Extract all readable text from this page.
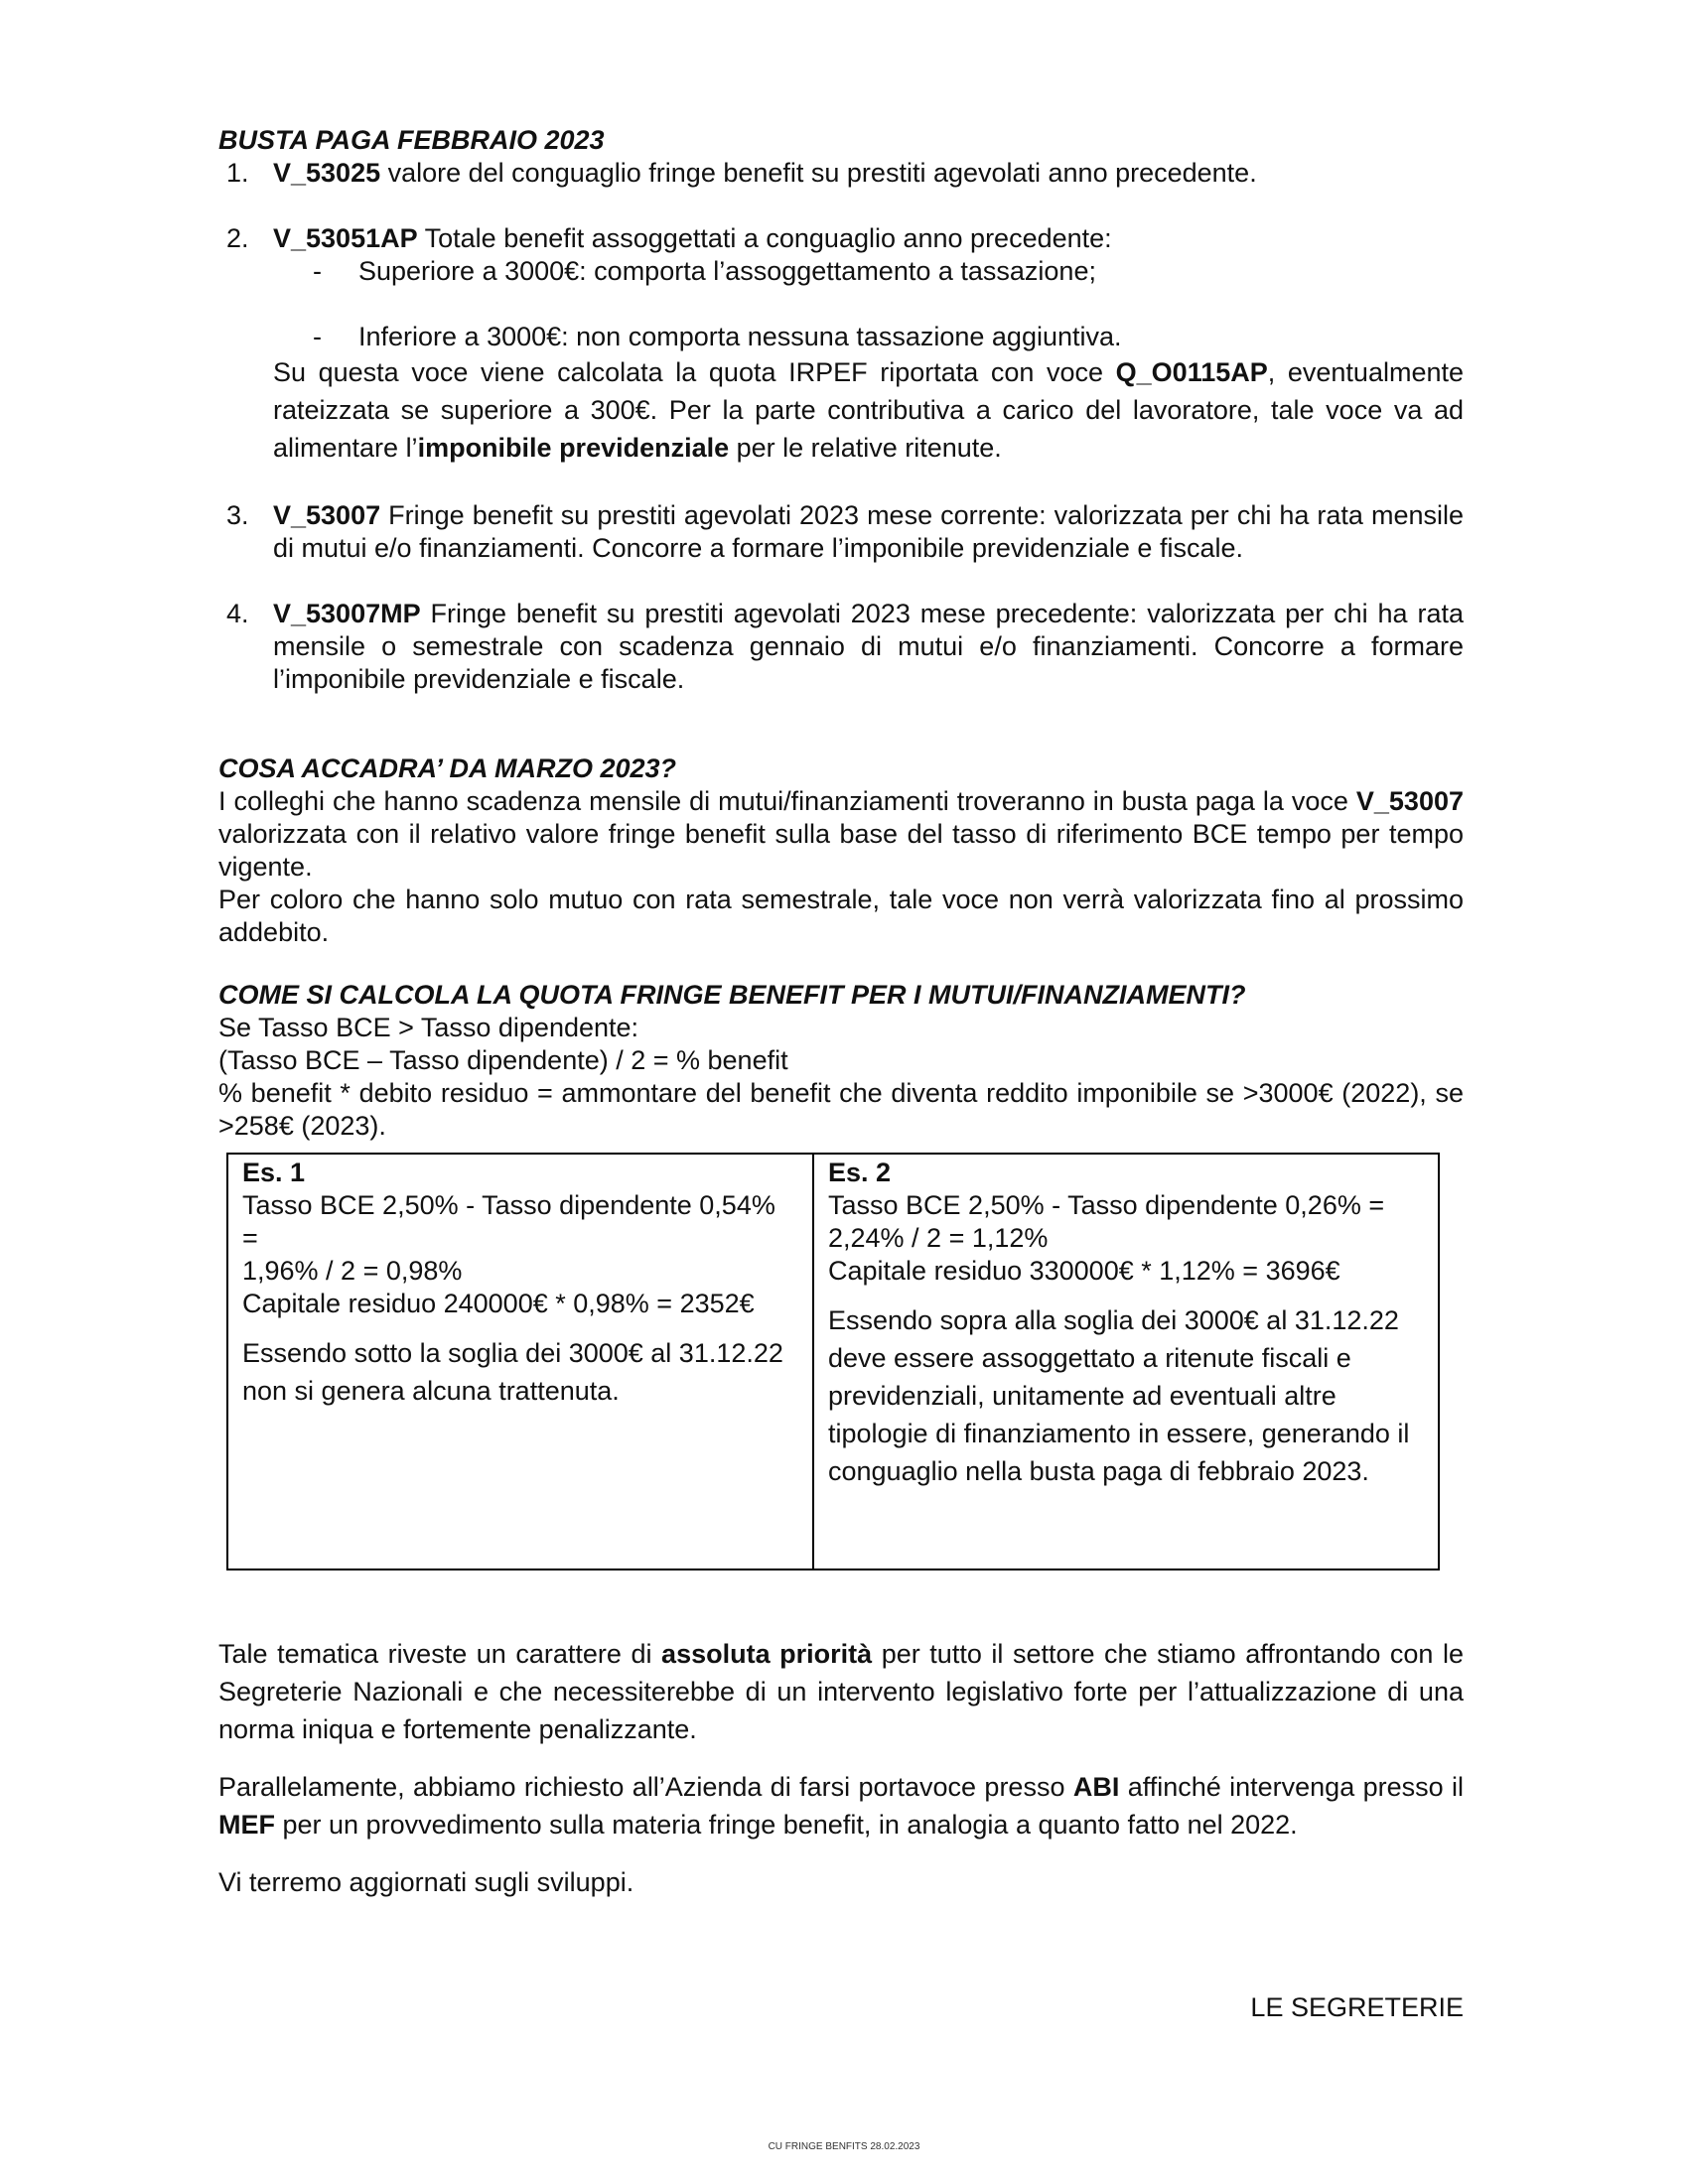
BUSTA PAGA FEBBRAIO 2023

1. V_53025 valore del conguaglio fringe benefit su prestiti agevolati anno precedente.

2. V_53051AP Totale benefit assoggettati a conguaglio anno precedente:

- Superiore a 3000€: comporta l’assoggettamento a tassazione;
- Inferiore a 3000€: non comporta nessuna tassazione aggiuntiva.

Su questa voce viene calcolata la quota IRPEF riportata con voce Q_O0115AP, eventualmente rateizzata se superiore a 300€. Per la parte contributiva a carico del lavoratore, tale voce va ad alimentare l’imponibile previdenziale per le relative ritenute.

3. V_53007 Fringe benefit su prestiti agevolati 2023 mese corrente: valorizzata per chi ha rata mensile di mutui e/o finanziamenti. Concorre a formare l’imponibile previdenziale e fiscale.

4. V_53007MP Fringe benefit su prestiti agevolati 2023 mese precedente: valorizzata per chi ha rata mensile o semestrale con scadenza gennaio di mutui e/o finanziamenti. Concorre a formare l’imponibile previdenziale e fiscale.

COSA ACCADRA’ DA MARZO 2023?

I colleghi che hanno scadenza mensile di mutui/finanziamenti troveranno in busta paga la voce V_53007 valorizzata con il relativo valore fringe benefit sulla base del tasso di riferimento BCE tempo per tempo vigente.

Per coloro che hanno solo mutuo con rata semestrale, tale voce non verrà valorizzata fino al prossimo addebito.

COME SI CALCOLA LA QUOTA FRINGE BENEFIT PER I MUTUI/FINANZIAMENTI?

Se Tasso BCE > Tasso dipendente:

(Tasso BCE – Tasso dipendente) / 2 = % benefit

% benefit * debito residuo = ammontare del benefit che diventa reddito imponibile se >3000€ (2022), se >258€ (2023).

Es. 1

Tasso BCE 2,50% - Tasso dipendente 0,54% =

1,96% / 2 = 0,98%

Capitale residuo 240000€ * 0,98% = 2352€

Essendo sotto la soglia dei 3000€ al 31.12.22 non si genera alcuna trattenuta.

Es. 2

Tasso BCE 2,50% - Tasso dipendente 0,26% = 2,24% / 2 = 1,12%

Capitale residuo 330000€ * 1,12% = 3696€

Essendo sopra alla soglia dei 3000€ al 31.12.22 deve essere assoggettato a ritenute fiscali e previdenziali, unitamente ad eventuali altre tipologie di finanziamento in essere, generando il conguaglio nella busta paga di febbraio 2023.

Tale tematica riveste un carattere di assoluta priorità per tutto il settore che stiamo affrontando con le Segreterie Nazionali e che necessiterebbe di un intervento legislativo forte per l’attualizzazione di una norma iniqua e fortemente penalizzante.

Parallelamente, abbiamo richiesto all’Azienda di farsi portavoce presso ABI affinché intervenga presso il MEF per un provvedimento sulla materia fringe benefit, in analogia a quanto fatto nel 2022.

Vi terremo aggiornati sugli sviluppi.

LE SEGRETERIE
CU FRINGE BENFITS 28.02.2023
